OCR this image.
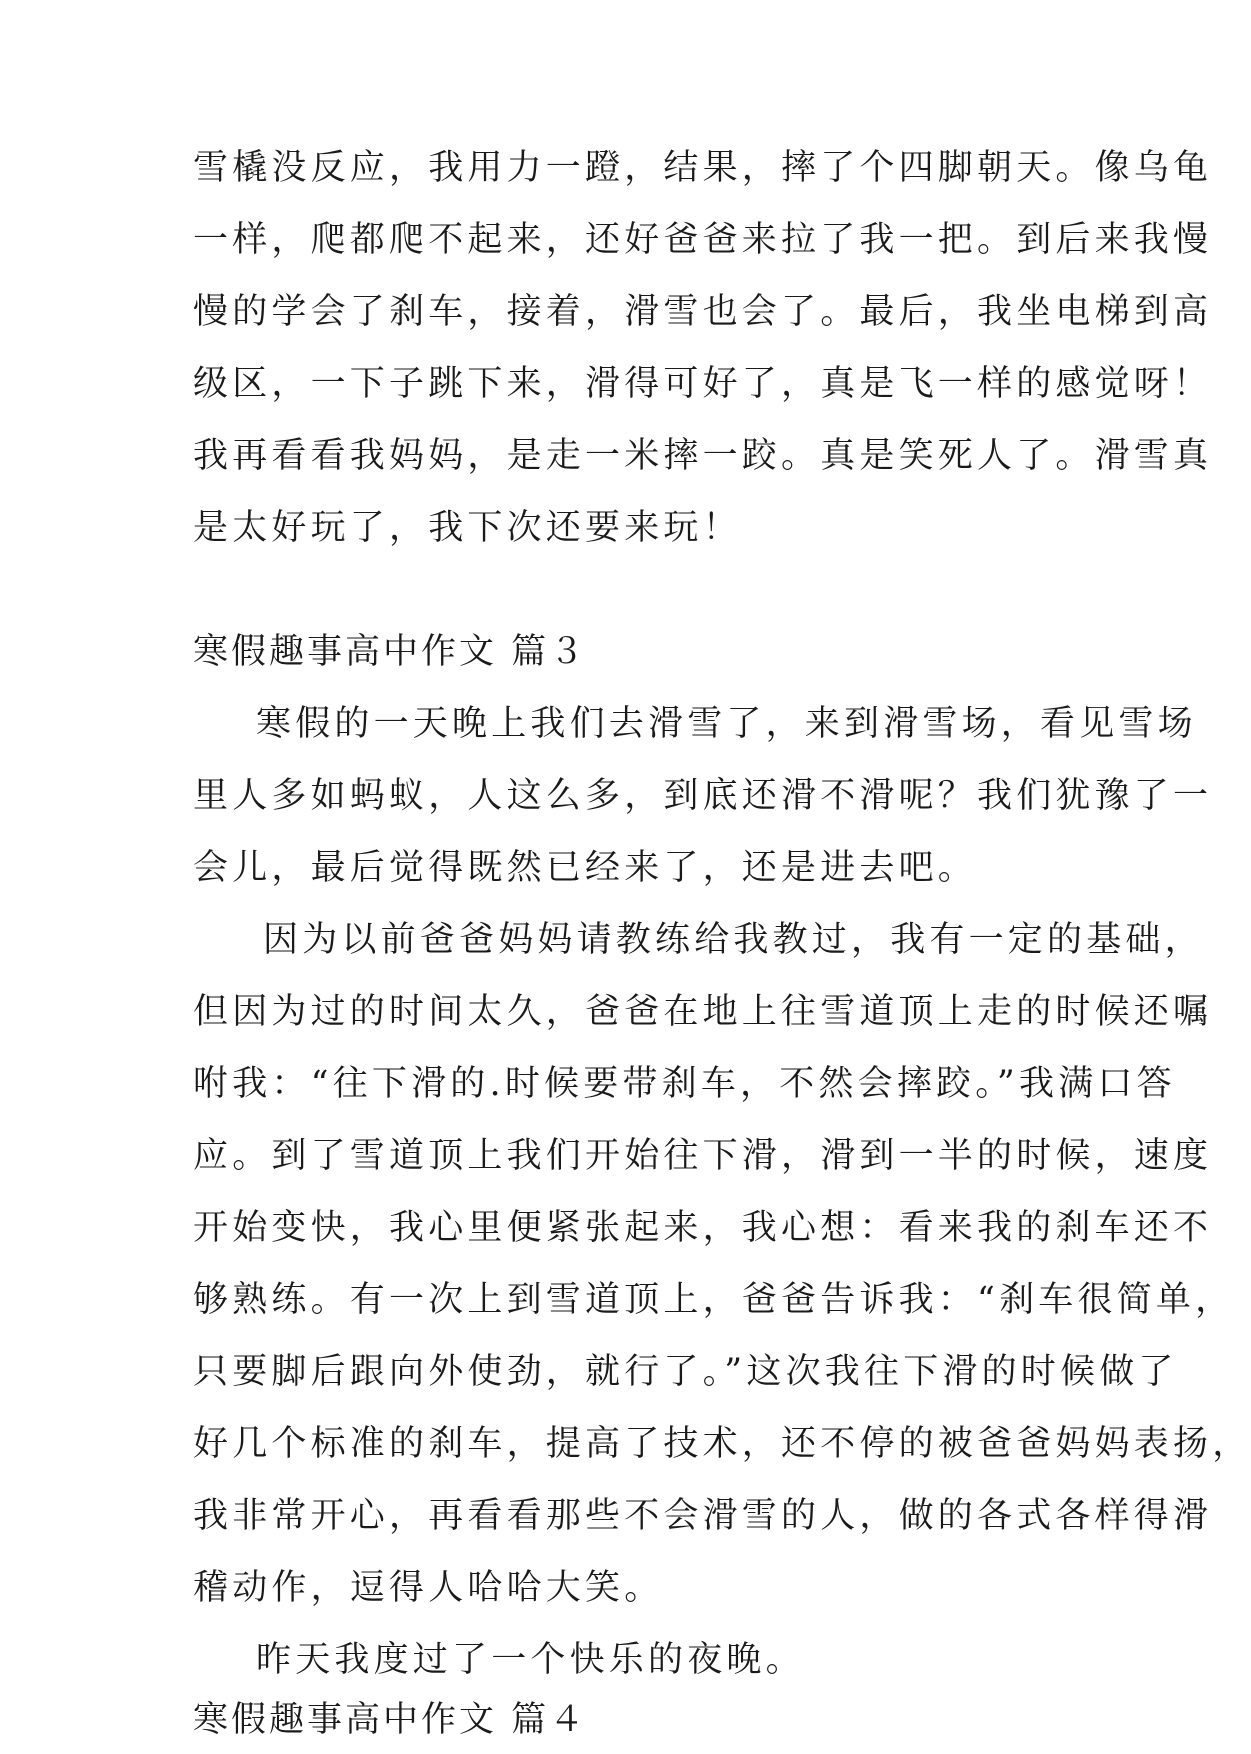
雪橇没反应，我用力一蹬，结果，摔了个四脚朝天。像乌龟
一样，爬都爬不起来，还好爸爸来拉了我一把。到后来我慢
慢的学会了刹车，接着，滑雪也会了。最后，我坐电梯到高
级区，一下子跳下来，滑得可好了，真是飞一样的感觉呀！
我再看看我妈妈，是走一米摔一跤。真是笑死人了。滑雪真
是太好玩了，我下次还要来玩！
寒假趣事高中作文 篇３
寒假的一天晚上我们去滑雪了，来到滑雪场，看见雪场
里人多如蚂蚁，人这么多，到底还滑不滑呢？我们犹豫了一
会儿，最后觉得既然已经来了，还是进去吧。
因为以前爸爸妈妈请教练给我教过，我有一定的基础，
但因为过的时间太久，爸爸在地上往雪道顶上走的时候还嘱
咐我：“往下滑的.时候要带刹车，不然会摔跤。”我满口答
应。到了雪道顶上我们开始往下滑，滑到一半的时候，速度
开始变快，我心里便紧张起来，我心想：看来我的刹车还不
够熟练。有一次上到雪道顶上，爸爸告诉我：“刹车很简单，
只要脚后跟向外使劲，就行了。”这次我往下滑的时候做了
好几个标准的刹车，提高了技术，还不停的被爸爸妈妈表扬，
我非常开心，再看看那些不会滑雪的人，做的各式各样得滑
稽动作，逗得人哈哈大笑。
昨天我度过了一个快乐的夜晚。
寒假趣事高中作文 篇４
